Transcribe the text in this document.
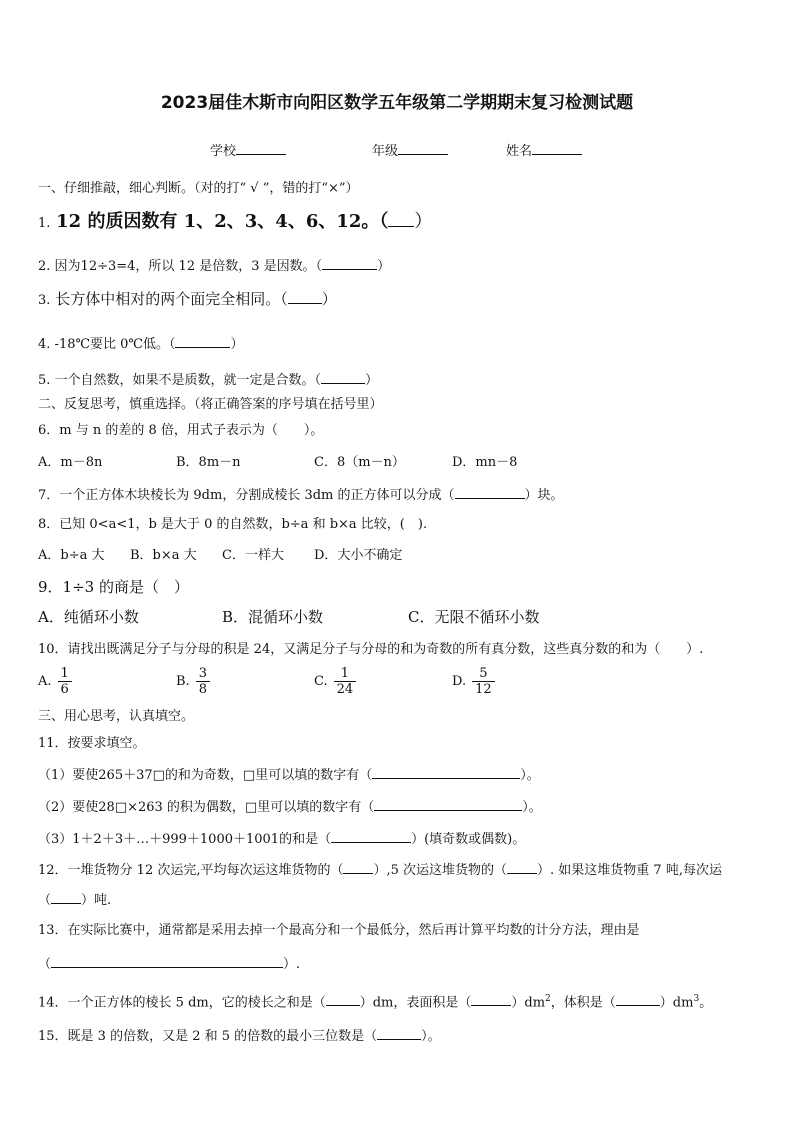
2023届佳木斯市向阳区数学五年级第二学期期末复习检测试题
学校	年级	姓名
一、仔细推敲，细心判断。（对的打“ √ ”，错的打“×”）
1. 12 的质因数有 1、2、3、4、6、12。（ ）
2. 因为12÷3=4，所以 12 是倍数，3 是因数。（	）
3. 长方体中相对的两个面完全相同。（ ）
4. -18℃要比 0℃低。（	）
5. 一个自然数，如果不是质数，就一定是合数。（	）
二、反复思考，慎重选择。（将正确答案的序号填在括号里）
6．m 与 n 的差的 8 倍，用式子表示为（　　）。
A．m－8n	B．8m－n	C．8（m－n）	D．mn－8
7．一个正方体木块棱长为 9dm，分割成棱长 3dm 的正方体可以分成（	）块。
8．已知 0<a<1，b 是大于 0 的自然数，b÷a 和 b×a 比较，(　).
A．b÷a 大 B．b×a 大 C．一样大 D．大小不确定
9．1÷3 的商是（　）
A．纯循环小数	B．混循环小数	C．无限不循环小数
10．请找出既满足分子与分母的积是 24，又满足分子与分母的和为奇数的所有真分数，这些真分数的和为（　　）.
A. $\frac{1}{6}$	B. $\frac{3}{8}$	C. $\frac{1}{24}$	D. $\frac{5}{12}$
三、用心思考，认真填空。
11．按要求填空。
（1）要使265＋37□的和为奇数，□里可以填的数字有（	）。
（2）要使28□×263 的积为偶数，□里可以填的数字有（	）。
（3）1＋2＋3＋…＋999＋1000＋1001的和是（	）(填奇数或偶数)。
12．一堆货物分 12 次运完,平均每次运这堆货物的（ ）,5 次运这堆货物的（ ）. 如果这堆货物重 7 吨,每次运
（ ）吨.
13．在实际比赛中，通常都是采用去掉一个最高分和一个最低分，然后再计算平均数的计分方法，理由是
（	）.
14．一个正方体的棱长 5 dm，它的棱长之和是（	）dm，表面积是（	）$dm^2$，体积是（	）$dm^3$。
15．既是 3 的倍数，又是 2 和 5 的倍数的最小三位数是（	）。
